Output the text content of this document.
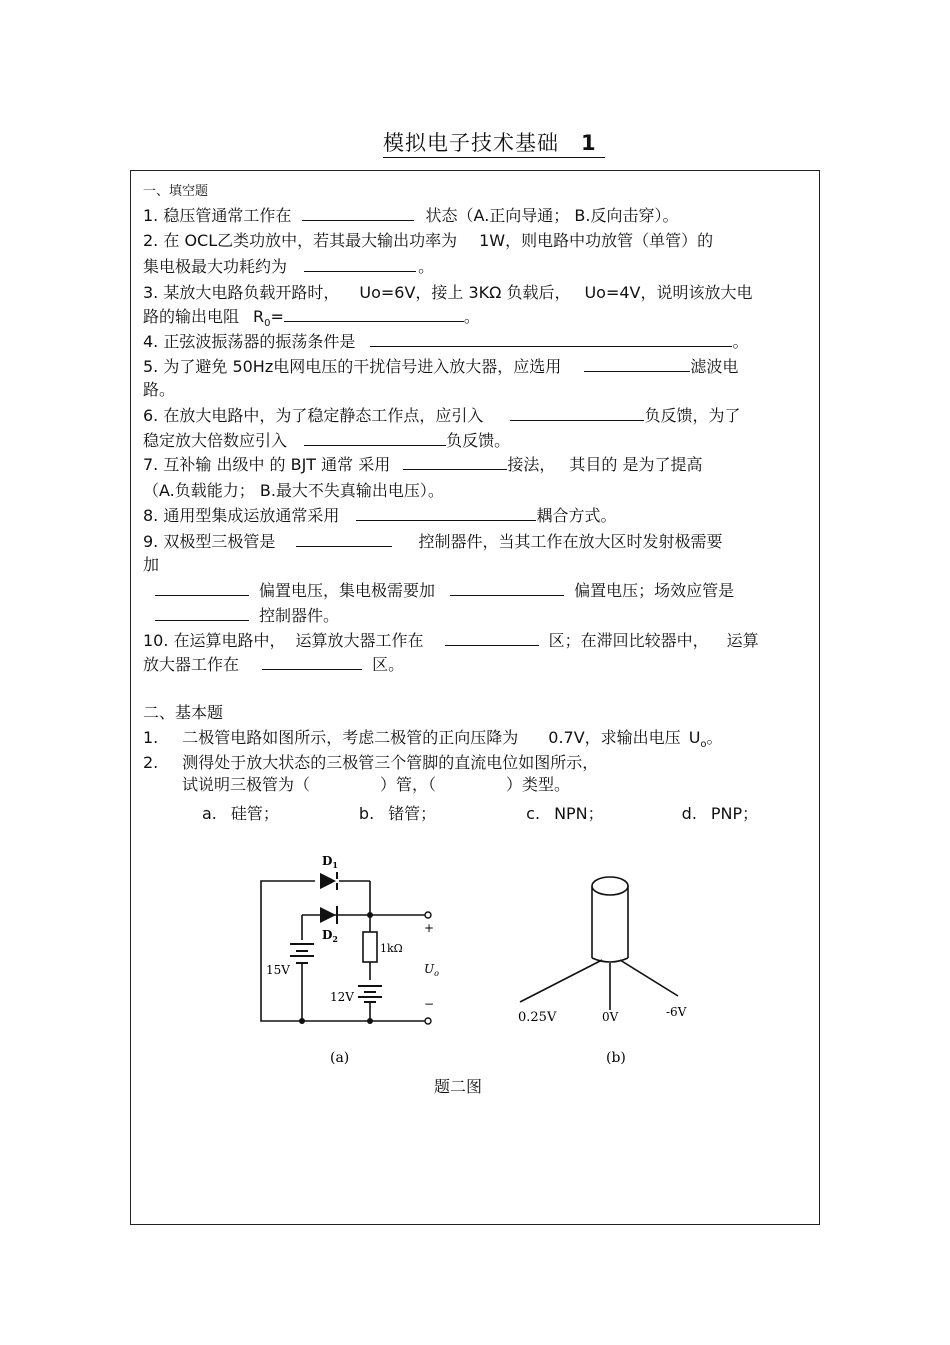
模拟电子技术基础 1
一、填空题
1. 稳压管通常工作在	状态（A.正向导通； B.反向击穿）。
2. 在 OCL乙类功放中，若其最大输出功率为 1W，则电路中功放管（单管）的
集电极最大功耗约为	。
3. 某放大电路负载开路时， Uo=6V，接上 3KΩ 负载后， Uo=4V，说明该放大电
路的输出电阻 $R_0=$	。
4. 正弦波振荡器的振荡条件是	。
5. 为了避免 50Hz电网电压的干扰信号进入放大器，应选用	滤波电
路。
6. 在放大电路中，为了稳定静态工作点，应引入	负反馈，为了
稳定放大倍数应引入	负反馈。
7. 互补输 出级中 的 BJT 通常 采用	接法， 其目的 是为了提高
（A.负载能力； B.最大不失真输出电压）。
8. 通用型集成运放通常采用	耦合方式。
9. 双极型三极管是	控制器件，当其工作在放大区时发射极需要
加
偏置电压，集电极需要加	偏置电压；场效应管是
控制器件。
10. 在运算电路中， 运算放大器工作在	区；在滞回比较器中， 运算
放大器工作在	区。
二、基本题
1. 二极管电路如图所示，考虑二极管的正向压降为 0.7V，求输出电压 $U_o$。
2. 测得处于放大状态的三极管三个管脚的直流电位如图所示，
试说明三极管为（	）管，（	）类型。
a. 硅管；	b. 锗管；	c. NPN；	d. PNP；
$D_1$
$D_2$
1kΩ
15V
12V
+
$U_o$
−
(a)
0.25V	0V	-6V
(b)
题二图
